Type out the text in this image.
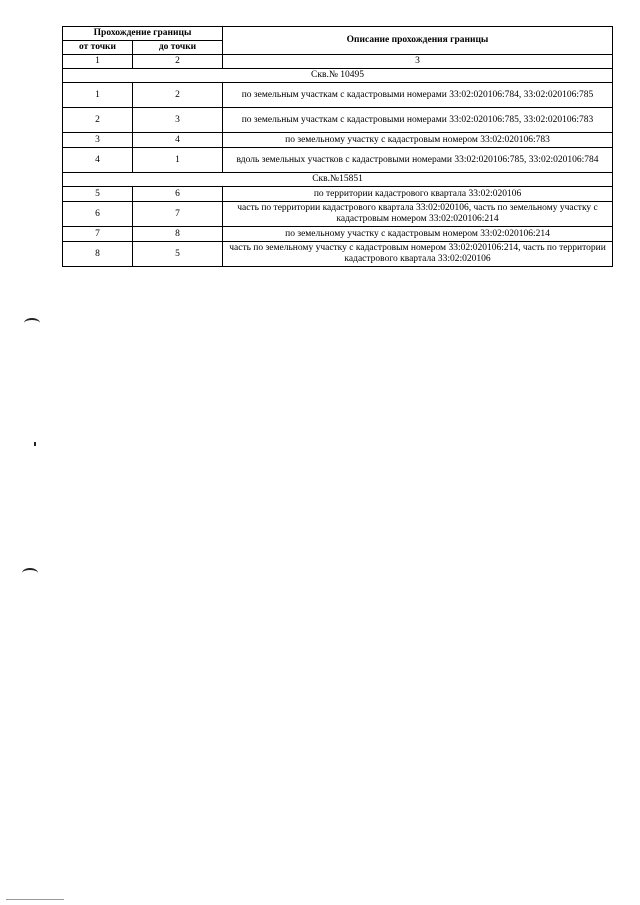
Прохождение границы		Описание прохождения границы
от точки	до точки	
1	2	3
Скв.№ 10495		
1	2	по земельным участкам с кадастровыми номерами 33:02:020106:784, 33:02:020106:785
2	3	по земельным участкам с кадастровыми номерами 33:02:020106:785, 33:02:020106:783
3	4	по земельному участку с кадастровым номером 33:02:020106:783
4	1	вдоль земельных участков с кадастровыми номерами 33:02:020106:785, 33:02:020106:784
Скв.№15851		
5	6	по территории кадастрового квартала 33:02:020106
6	7	часть по территории кадастрового квартала 33:02:020106, часть по земельному участку с кадастровым номером 33:02:020106:214
7	8	по земельному участку с кадастровым номером 33:02:020106:214
8	5	часть по земельному участку с кадастровым номером 33:02:020106:214, часть по территории кадастрового квартала 33:02:020106
